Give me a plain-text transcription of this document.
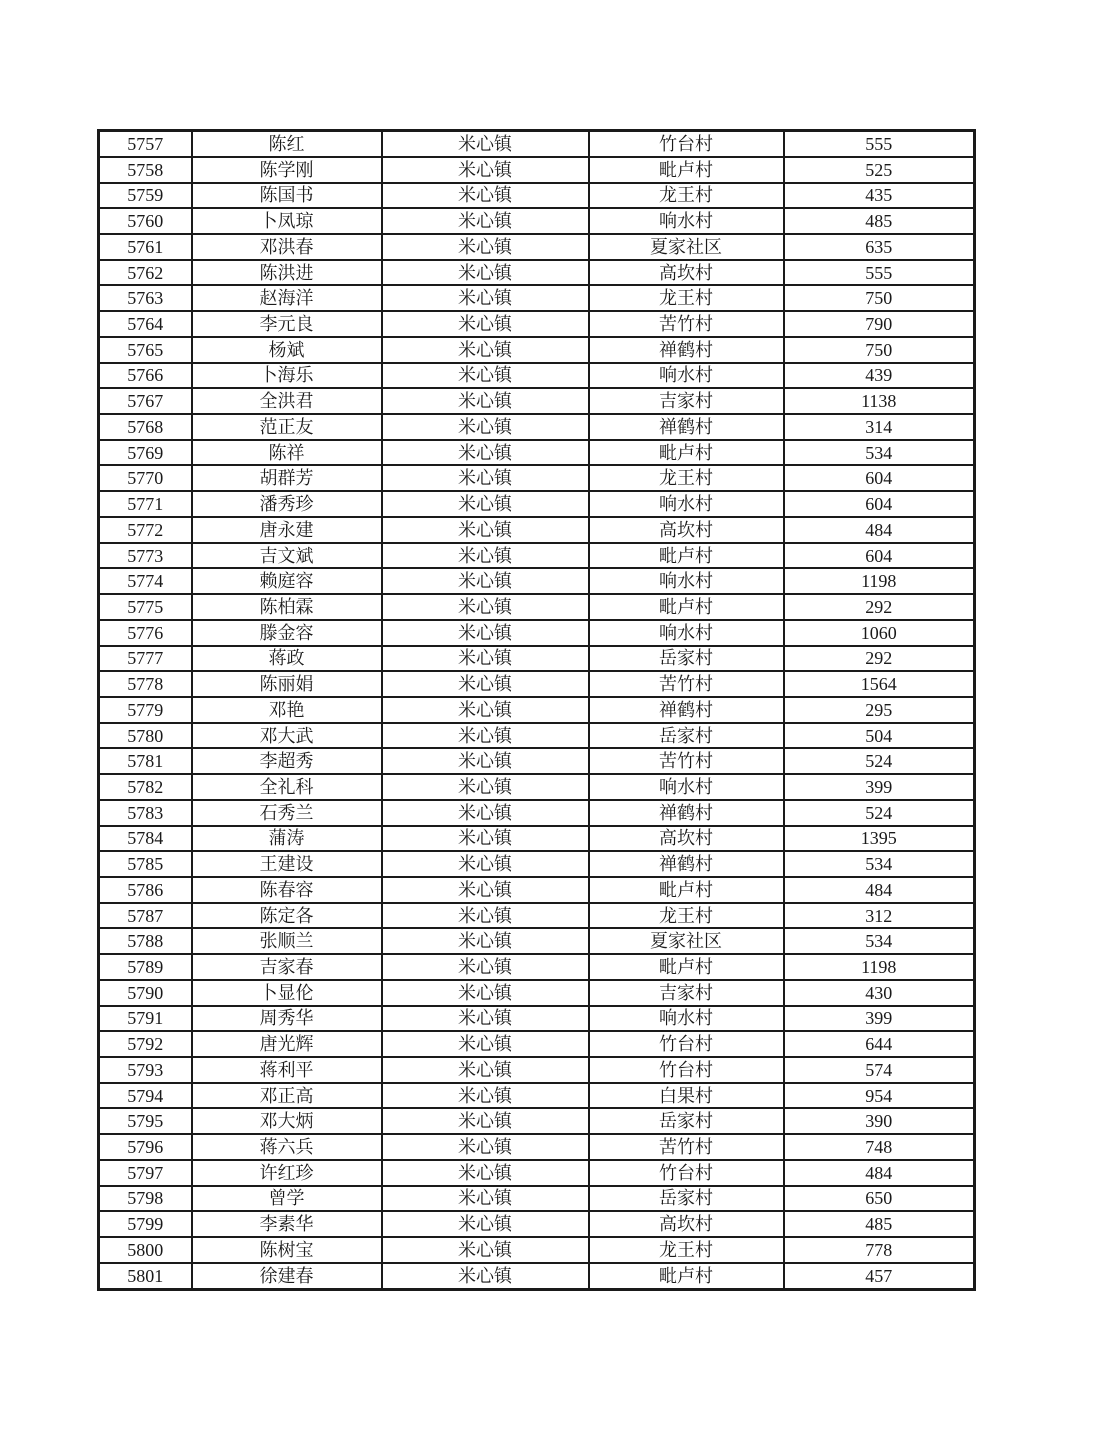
5757	陈红	米心镇	竹台村	555
5758	陈学刚	米心镇	毗卢村	525
5759	陈国书	米心镇	龙王村	435
5760	卜凤琼	米心镇	响水村	485
5761	邓洪春	米心镇	夏家社区	635
5762	陈洪进	米心镇	高坎村	555
5763	赵海洋	米心镇	龙王村	750
5764	李元良	米心镇	苦竹村	790
5765	杨斌	米心镇	禅鹤村	750
5766	卜海乐	米心镇	响水村	439
5767	全洪君	米心镇	吉家村	1138
5768	范正友	米心镇	禅鹤村	314
5769	陈祥	米心镇	毗卢村	534
5770	胡群芳	米心镇	龙王村	604
5771	潘秀珍	米心镇	响水村	604
5772	唐永建	米心镇	高坎村	484
5773	吉文斌	米心镇	毗卢村	604
5774	赖庭容	米心镇	响水村	1198
5775	陈柏霖	米心镇	毗卢村	292
5776	滕金容	米心镇	响水村	1060
5777	蒋政	米心镇	岳家村	292
5778	陈丽娟	米心镇	苦竹村	1564
5779	邓艳	米心镇	禅鹤村	295
5780	邓大武	米心镇	岳家村	504
5781	李超秀	米心镇	苦竹村	524
5782	全礼科	米心镇	响水村	399
5783	石秀兰	米心镇	禅鹤村	524
5784	蒲涛	米心镇	高坎村	1395
5785	王建设	米心镇	禅鹤村	534
5786	陈春容	米心镇	毗卢村	484
5787	陈定各	米心镇	龙王村	312
5788	张顺兰	米心镇	夏家社区	534
5789	吉家春	米心镇	毗卢村	1198
5790	卜显伦	米心镇	吉家村	430
5791	周秀华	米心镇	响水村	399
5792	唐光辉	米心镇	竹台村	644
5793	蒋利平	米心镇	竹台村	574
5794	邓正高	米心镇	白果村	954
5795	邓大炳	米心镇	岳家村	390
5796	蒋六兵	米心镇	苦竹村	748
5797	许红珍	米心镇	竹台村	484
5798	曾学	米心镇	岳家村	650
5799	李素华	米心镇	高坎村	485
5800	陈树宝	米心镇	龙王村	778
5801	徐建春	米心镇	毗卢村	457
